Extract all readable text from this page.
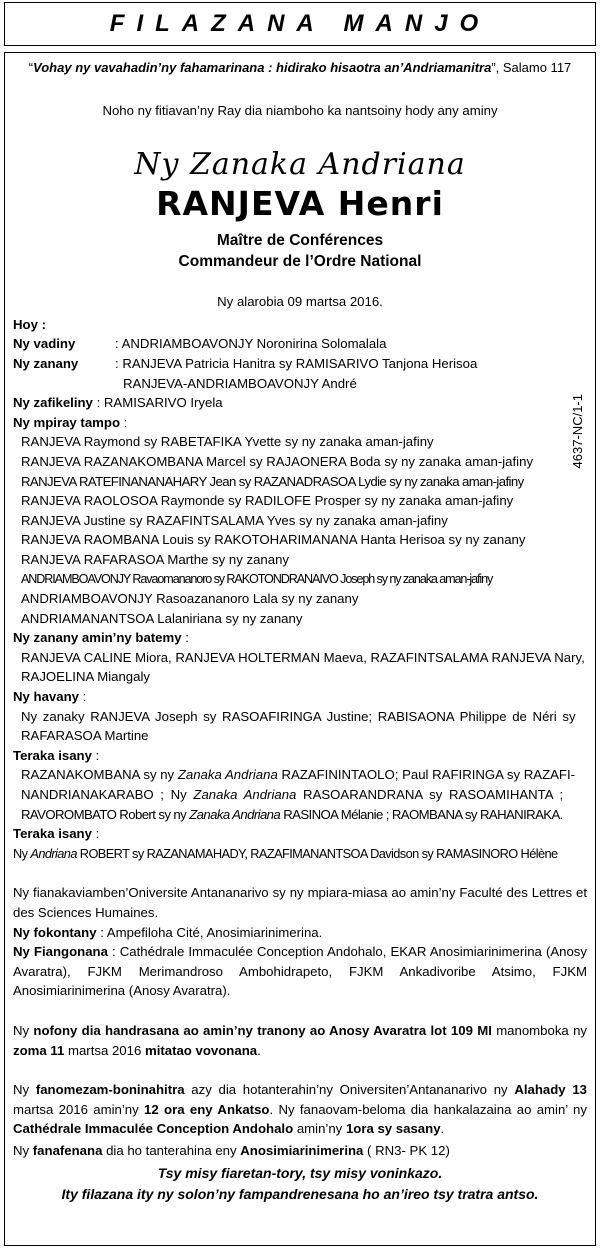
FILAZANA MANJO
“Vohay ny vavahadin’ny fahamarinana : hidirako hisaotra an’Andriamanitra”, Salamo 117
Noho ny fitiavan’ny Ray dia niamboho ka nantsoiny hody any aminy
Ny Zanaka Andriana
RANJEVA Henri
Maître de Conférences
Commandeur de l’Ordre National
Ny alarobia 09 martsa 2016.
4637-NC/1-1
Hoy :
Ny vadiny	: ANDRIAMBOAVONJY Noronirina Solomalala
Ny zanany	: RANJEVA Patricia Hanitra sy RAMISARIVO Tanjona Herisoa
RANJEVA-ANDRIAMBOAVONJY André
Ny zafikeliny : RAMISARIVO Iryela
Ny mpiray tampo :
RANJEVA Raymond sy RABETAFIKA Yvette sy ny zanaka aman-jafiny
RANJEVA RAZANAKOMBANA Marcel sy RAJAONERA Boda sy ny zanaka aman-jafiny
RANJEVA RATEFINANANAHARY Jean sy RAZANADRASOA Lydie sy ny zanaka aman-jafiny
RANJEVA RAOLOSOA Raymonde sy RADILOFE Prosper sy ny zanaka aman-jafiny
RANJEVA Justine sy RAZAFINTSALAMA Yves sy ny zanaka aman-jafiny
RANJEVA RAOMBANA Louis sy RAKOTOHARIMANANA Hanta Herisoa sy ny zanany
RANJEVA RAFARASOA Marthe sy ny zanany
ANDRIAMBOAVONJY Ravaomananoro sy RAKOTONDRANAIVO Joseph sy ny zanaka aman-jafiny
ANDRIAMBOAVONJY Rasoazananoro Lala sy ny zanany
ANDRIAMANANTSOA Lalaniriana sy ny zanany
Ny zanany amin’ny batemy :
RANJEVA CALINE Miora, RANJEVA HOLTERMAN Maeva, RAZAFINTSALAMA RANJEVA Nary,
RAJOELINA Miangaly
Ny havany :
Ny zanaky RANJEVA Joseph sy RASOAFIRINGA Justine; RABISAONA Philippe de Néri sy
RAFARASOA Martine
Teraka isany :
RAZANAKOMBANA sy ny Zanaka Andriana RAZAFININTAOLO; Paul RAFIRINGA sy RAZAFI-
NANDRIANAKARABO ; Ny Zanaka Andriana RASOARANDRANA sy RASOAMIHANTA ;
RAVOROMBATO Robert sy ny Zanaka Andriana RASINOA Mélanie ; RAOMBANA sy RAHANIRAKA.
Teraka isany :
Ny Andriana ROBERT sy RAZANAMAHADY, RAZAFIMANANTSOA Davidson sy RAMASINORO Hélène
Ny fianakaviamben’Oniversite Antananarivo sy ny mpiara-miasa ao amin’ny Faculté des Lettres et des Sciences Humaines.
Ny fokontany : Ampefiloha Cité, Anosimiarinimerina.
Ny Fiangonana : Cathédrale Immaculée Conception Andohalo, EKAR Anosimiarinimerina (Anosy Avaratra), FJKM Merimandroso Ambohidrapeto, FJKM Ankadivoribe Atsimo, FJKM Anosimiarinimerina (Anosy Avaratra).
Ny nofony dia handrasana ao amin’ny tranony ao Anosy Avaratra lot 109 MI manomboka ny zoma 11 martsa 2016 mitatao vovonana.
Ny fanomezam-boninahitra azy dia hotanterahin’ny Oniversiten’Antananarivo ny Alahady 13 martsa 2016 amin’ny 12 ora eny Ankatso. Ny fanaovam-beloma dia hankalazaina ao amin’ ny Cathédrale Immaculée Conception Andohalo amin’ny 1ora sy sasany.
Ny fanafenana dia ho tanterahina eny Anosimiarinimerina ( RN3- PK 12)
Tsy misy fiaretan-tory, tsy misy voninkazo.
Ity filazana ity ny solon’ny fampandrenesana ho an’ireo tsy tratra antso.
